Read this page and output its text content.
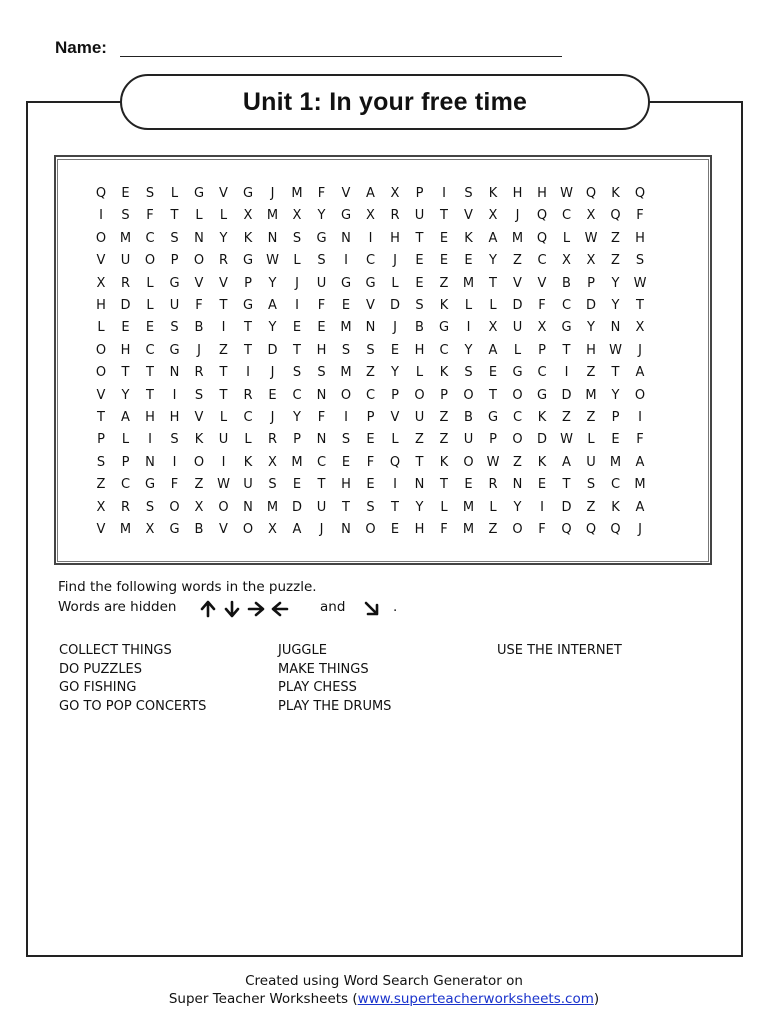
Name:
Unit 1: In your free time
Q E S	L	G V G	J	M	F	V A X	P	I	S K H H W Q K Q
I	S	F	T	L	L	X M X	Y	G X R U	T	V X	J	Q C X Q	F
O M C S N	Y	K N S G N	I	H	T	E K A M Q	L	W Z H
V U O	P	O R G W	L	S	I	C	J	E E E	Y	Z C X X Z S
X R	L	G V V	P	Y	J	U G G	L	E Z M	T	V V B	P	Y	W
H D	L	U	F	T	G A	I	F	E V D S K	L	L	D	F	C D	Y	T
L	E E S B	I	T	Y	E E M N	J	B G	I	X U X G	Y	N X
O H C G	J	Z	T	D	T	H S S E H C	Y	A	L	P	T	H W	J
O	T	T	N R	T	I	J	S S M Z	Y	L	K S E G C	I	Z	T	A
V	Y	T	I	S	T	R E C N O C	P	O	P	O	T	O G D M	Y	O
T	A H H V	L	C	J	Y	F	I	P	V U Z B G C K Z Z	P	I
P	L	I	S K U	L	R	P	N S E	L	Z Z U	P	O D W	L	E	F
S	P	N	I	O	I	K X M C E	F	Q	T	K O W Z K A U M A
Z C G	F	Z W U S E	T	H E	I	N	T	E R N E	T	S C M
X R S O X O N M D U	T	S	T	Y	L	M	L	Y	I	D Z K A
V M X G B V O X A	J	N O E H	F	M Z O	F	Q Q Q	J
Find the following words in the puzzle.
Words are hidden	and	.
COLLECT THINGS
DO PUZZLES
GO FISHING
GO TO POP CONCERTS
JUGGLE
MAKE THINGS
PLAY CHESS
PLAY THE DRUMS
USE THE INTERNET
Created using Word Search Generator on
Super Teacher Worksheets (www.superteacherworksheets.com)
